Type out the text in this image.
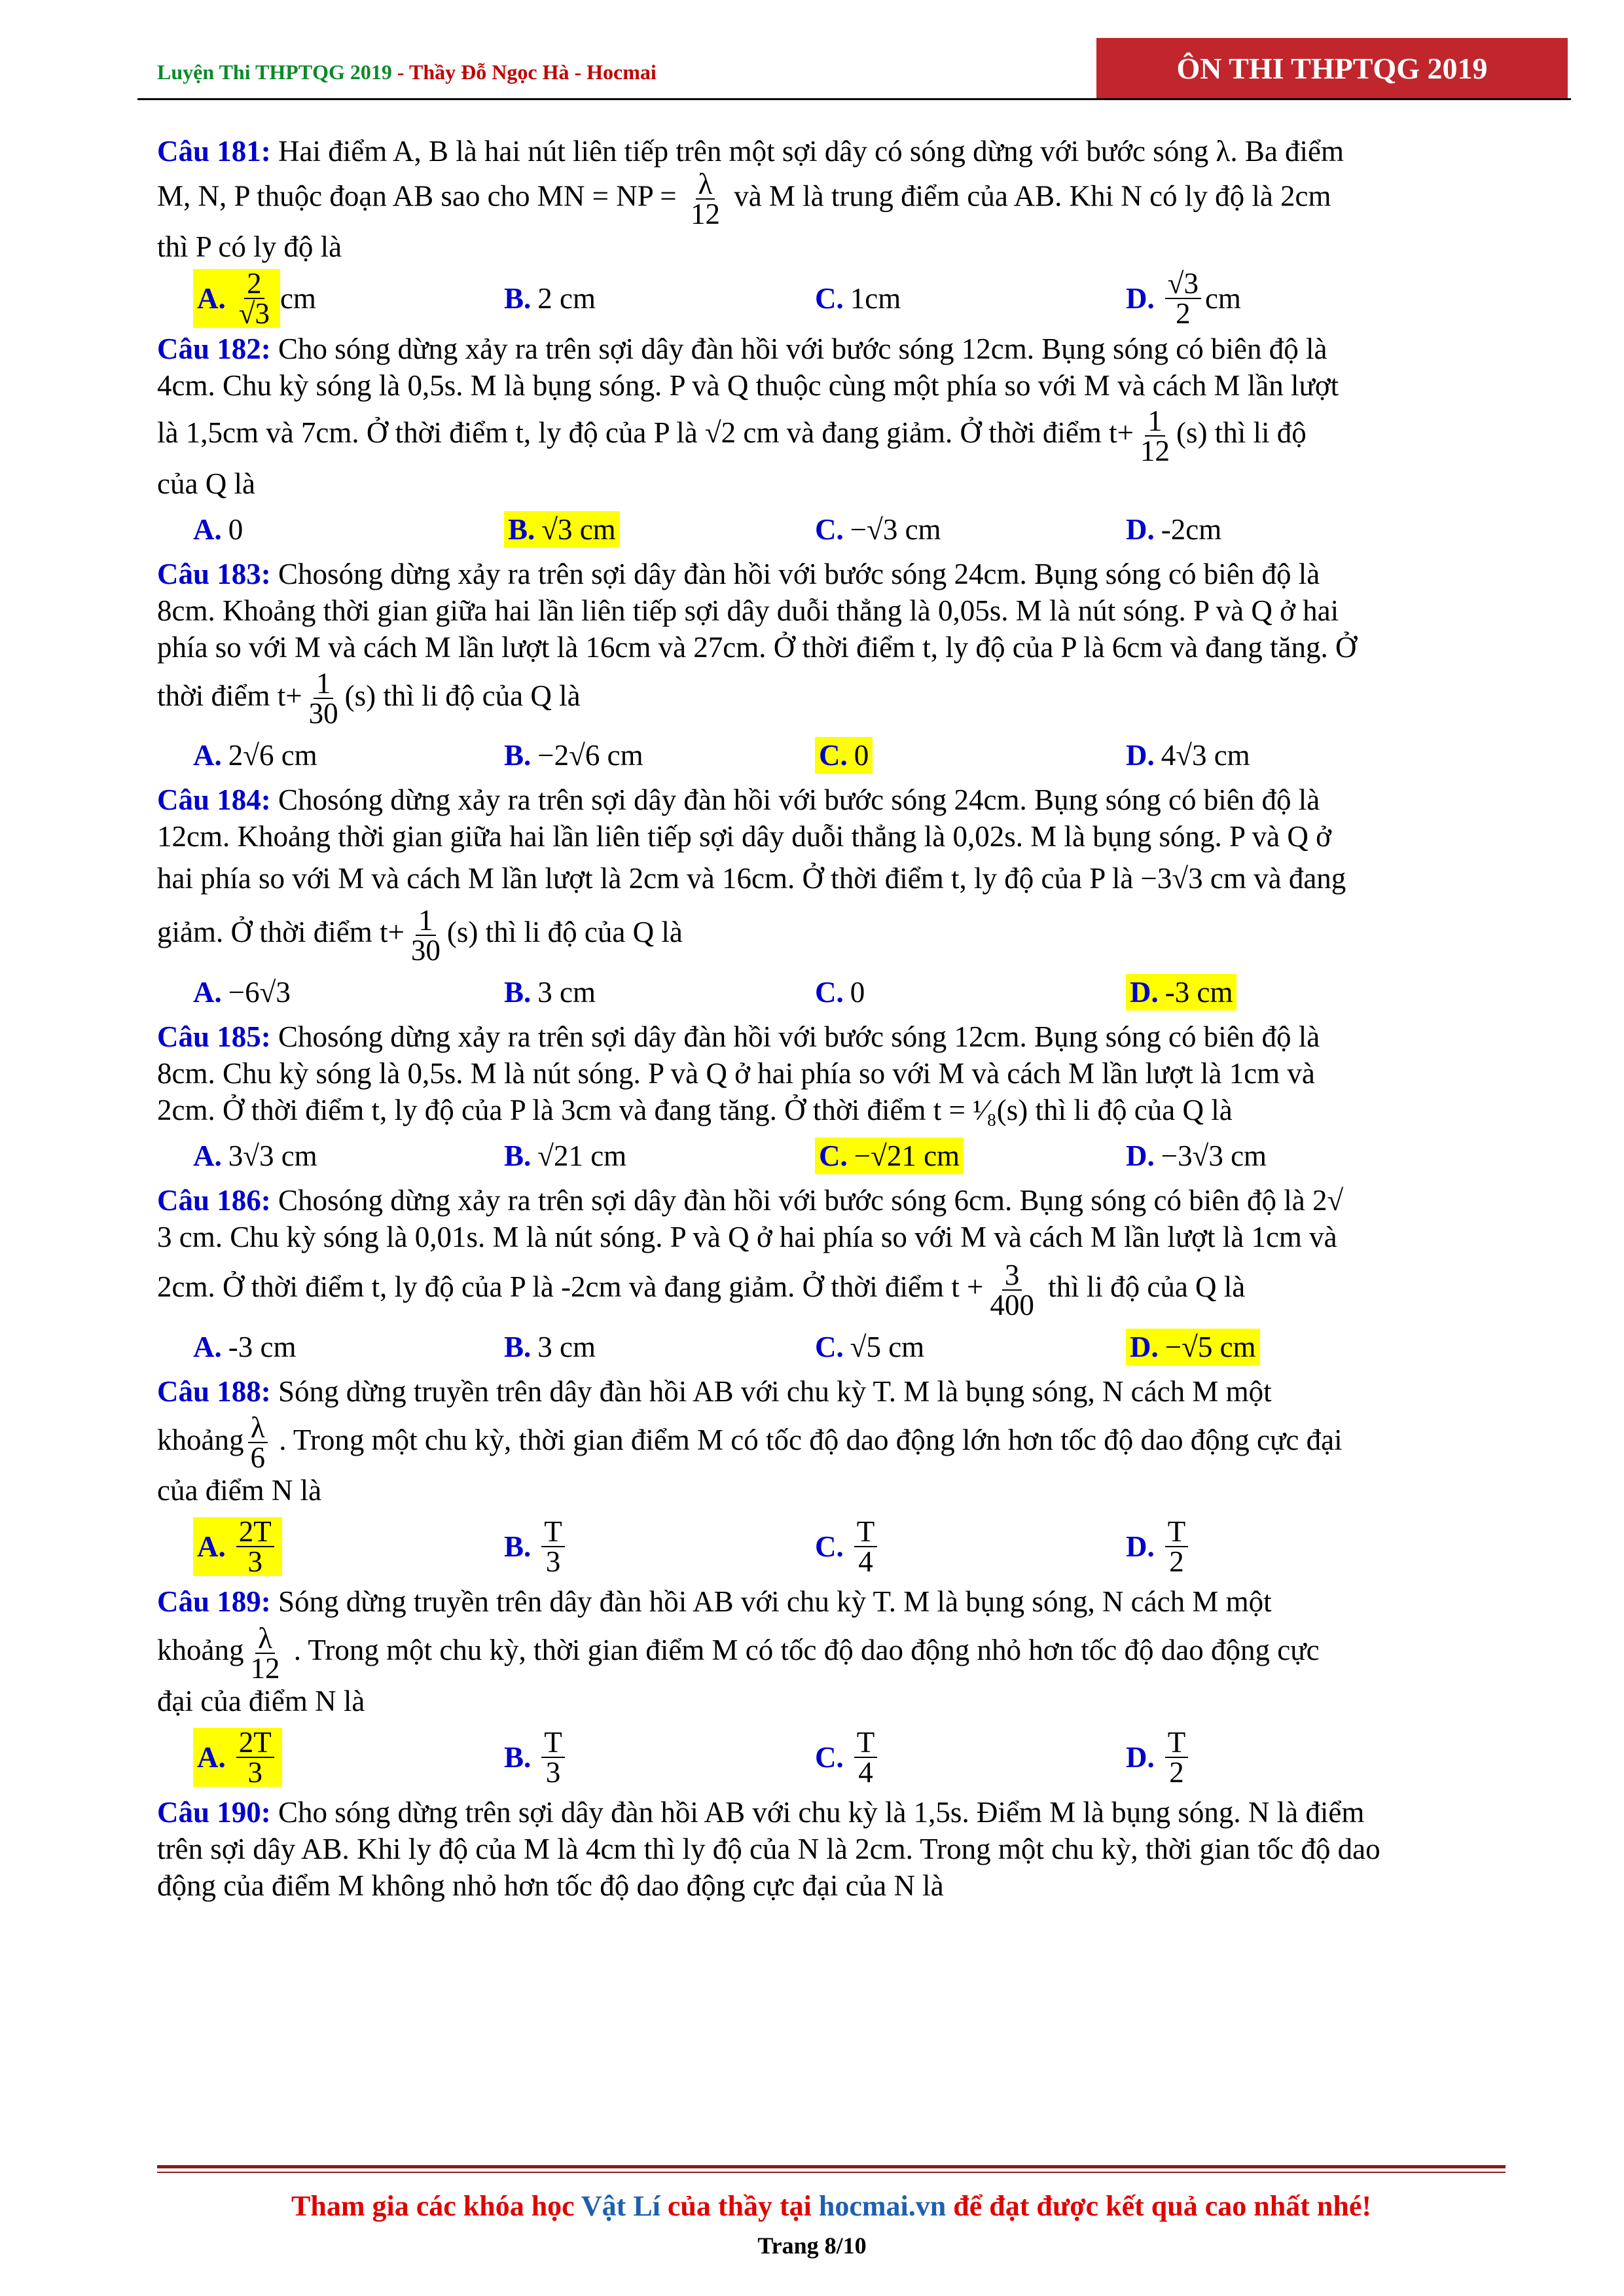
Luyện Thi THPTQG 2019 - Thầy Đỗ Ngọc Hà - Hocmai	ÔN THI THPTQG 2019
Câu 181: Hai điểm A, B là hai nút liên tiếp trên một sợi dây có sóng dừng với bước sóng λ. Ba điểm
M, N, P thuộc đoạn AB sao cho MN = NP = $\frac{\lambda}{12}$ và M là trung điểm của AB. Khi N có ly độ là 2cm
thì P có ly độ là
A. $\frac{2}{√3}$ cm	B. 2 cm	C. 1cm	D. $\frac{√3}{2}$ cm
Câu 182: Cho sóng dừng xảy ra trên sợi dây đàn hồi với bước sóng 12cm. Bụng sóng có biên độ là
4cm. Chu kỳ sóng là 0,5s. M là bụng sóng. P và Q thuộc cùng một phía so với M và cách M lần lượt
là 1,5cm và 7cm. Ở thời điểm t, ly độ của P là √2 cm và đang giảm. Ở thời điểm $t+ \frac{1}{12} (s)$ thì li độ
của Q là
A. 0	B. √3 cm	C. −√3 cm	D. -2cm
Câu 183: Chosóng dừng xảy ra trên sợi dây đàn hồi với bước sóng 24cm. Bụng sóng có biên độ là
8cm. Khoảng thời gian giữa hai lần liên tiếp sợi dây duỗi thẳng là 0,05s. M là nút sóng. P và Q ở hai
phía so với M và cách M lần lượt là 16cm và 27cm. Ở thời điểm t, ly độ của P là 6cm và đang tăng. Ở
thời điểm $t+ \frac{1}{30} (s)$ thì li độ của Q là
A. 2√6 cm	B. −2√6 cm	C. 0	D. 4√3 cm
Câu 184: Chosóng dừng xảy ra trên sợi dây đàn hồi với bước sóng 24cm. Bụng sóng có biên độ là
12cm. Khoảng thời gian giữa hai lần liên tiếp sợi dây duỗi thẳng là 0,02s. M là bụng sóng. P và Q ở
hai phía so với M và cách M lần lượt là 2cm và 16cm. Ở thời điểm t, ly độ của P là −3√3 cm và đang
giảm. Ở thời điểm $t+ \frac{1}{30} (s)$ thì li độ của Q là
A. −6√3	B. 3 cm	C. 0	D. -3 cm
Câu 185: Chosóng dừng xảy ra trên sợi dây đàn hồi với bước sóng 12cm. Bụng sóng có biên độ là
8cm. Chu kỳ sóng là 0,5s. M là nút sóng. P và Q ở hai phía so với M và cách M lần lượt là 1cm và
2cm. Ở thời điểm t, ly độ của P là 3cm và đang tăng. Ở thời điểm t = ¹⁄₈(s) thì li độ của Q là
A. 3√3 cm	B. √21 cm	C. −√21 cm	D. −3√3 cm
Câu 186: Chosóng dừng xảy ra trên sợi dây đàn hồi với bước sóng 6cm. Bụng sóng có biên độ là 2√
3 cm. Chu kỳ sóng là 0,01s. M là nút sóng. P và Q ở hai phía so với M và cách M lần lượt là 1cm và
2cm. Ở thời điểm t, ly độ của P là -2cm và đang giảm. Ở thời điểm $t + \frac{3}{400}$ thì li độ của Q là
A. -3 cm	B. 3 cm	C. √5 cm	D. −√5 cm
Câu 188: Sóng dừng truyền trên dây đàn hồi AB với chu kỳ T. M là bụng sóng, N cách M một
khoảng $\frac{\lambda}{6}$ . Trong một chu kỳ, thời gian điểm M có tốc độ dao động lớn hơn tốc độ dao động cực đại
của điểm N là
A. $\frac{2T}{3}$	B. $\frac{T}{3}$	C. $\frac{T}{4}$	D. $\frac{T}{2}$
Câu 189: Sóng dừng truyền trên dây đàn hồi AB với chu kỳ T. M là bụng sóng, N cách M một
khoảng $\frac{\lambda}{12}$ . Trong một chu kỳ, thời gian điểm M có tốc độ dao động nhỏ hơn tốc độ dao động cực
đại của điểm N là
A. $\frac{2T}{3}$	B. $\frac{T}{3}$	C. $\frac{T}{4}$	D. $\frac{T}{2}$
Câu 190: Cho sóng dừng trên sợi dây đàn hồi AB với chu kỳ là 1,5s. Điểm M là bụng sóng. N là điểm
trên sợi dây AB. Khi ly độ của M là 4cm thì ly độ của N là 2cm. Trong một chu kỳ, thời gian tốc độ dao
động của điểm M không nhỏ hơn tốc độ dao động cực đại của N là
Tham gia các khóa học Vật Lí của thầy tại hocmai.vn để đạt được kết quả cao nhất nhé!
Trang 8/10
